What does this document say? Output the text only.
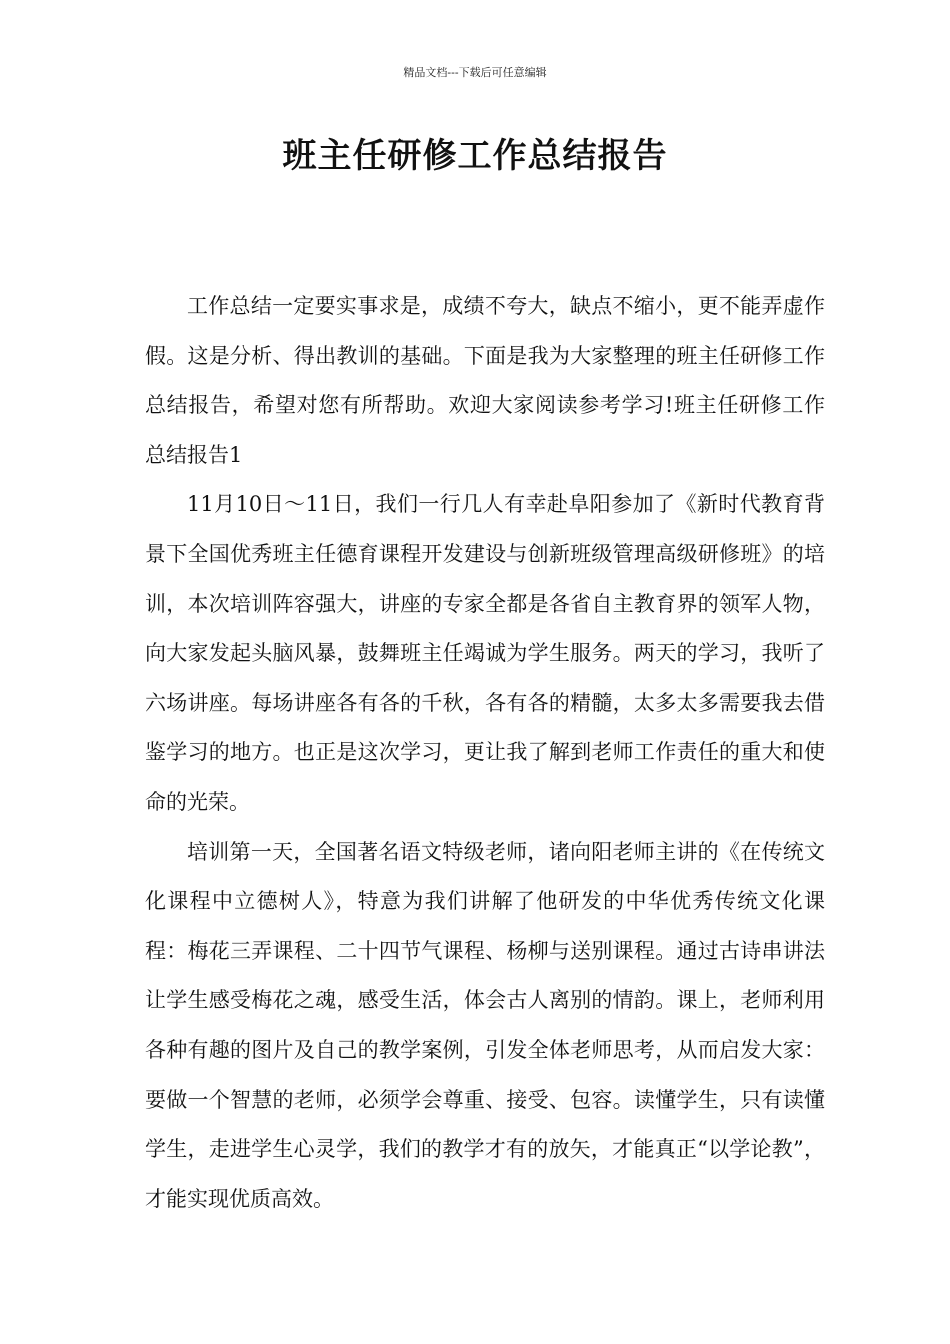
精品文档---下载后可任意编辑
班主任研修工作总结报告

工作总结一定要实事求是，成绩不夸大，缺点不缩小，更不能弄虚作假。这是分析、得出教训的基础。下面是我为大家整理的班主任研修工作总结报告，希望对您有所帮助。欢迎大家阅读参考学习!班主任研修工作总结报告1

11月10日～11日，我们一行几人有幸赴阜阳参加了《新时代教育背景下全国优秀班主任德育课程开发建设与创新班级管理高级研修班》的培训，本次培训阵容强大，讲座的专家全都是各省自主教育界的领军人物，向大家发起头脑风暴，鼓舞班主任竭诚为学生服务。两天的学习，我听了六场讲座。每场讲座各有各的千秋，各有各的精髓，太多太多需要我去借鉴学习的地方。也正是这次学习，更让我了解到老师工作责任的重大和使命的光荣。

培训第一天，全国著名语文特级老师，诸向阳老师主讲的《在传统文化课程中立德树人》，特意为我们讲解了他研发的中华优秀传统文化课程：梅花三弄课程、二十四节气课程、杨柳与送别课程。通过古诗串讲法让学生感受梅花之魂，感受生活，体会古人离别的情韵。课上，老师利用各种有趣的图片及自己的教学案例，引发全体老师思考，从而启发大家：要做一个智慧的老师，必须学会尊重、接受、包容。读懂学生，只有读懂学生，走进学生心灵学，我们的教学才有的放矢，才能真正“以学论教”，才能实现优质高效。
